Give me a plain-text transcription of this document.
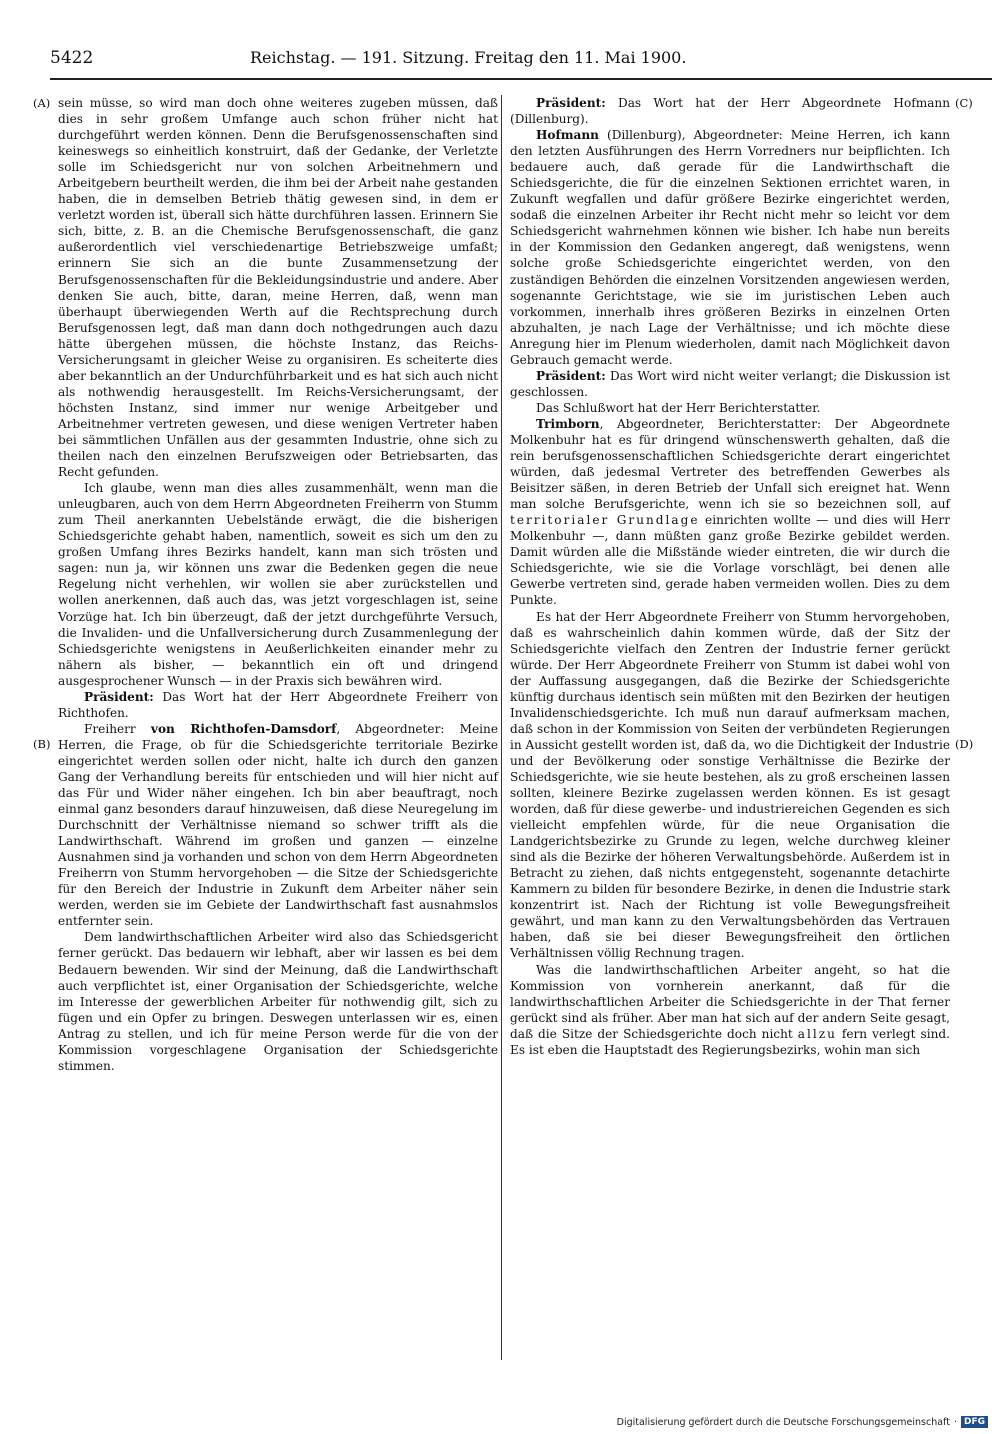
5422	Reichstag. — 191. Sitzung. Freitag den 11. Mai 1900.
(A)
(B)
(C)
(D)

sein müsse, so wird man doch ohne weiteres zugeben müssen, daß dies in sehr großem Umfange auch schon früher nicht hat durchgeführt werden können. Denn die Berufsgenossenschaften sind keineswegs so einheitlich konstruirt, daß der Gedanke, der Verletzte solle im Schiedsgericht nur von solchen Arbeitnehmern und Arbeitgebern beurtheilt werden, die ihm bei der Arbeit nahe gestanden haben, die in demselben Betrieb thätig gewesen sind, in dem er verletzt worden ist, überall sich hätte durchführen lassen. Erinnern Sie sich, bitte, z. B. an die Chemische Berufsgenossenschaft, die ganz außerordentlich viel verschiedenartige Betriebszweige umfaßt; erinnern Sie sich an die bunte Zusammensetzung der Berufsgenossenschaften für die Bekleidungsindustrie und andere. Aber denken Sie auch, bitte, daran, meine Herren, daß, wenn man überhaupt überwiegenden Werth auf die Rechtsprechung durch Berufsgenossen legt, daß man dann doch nothgedrungen auch dazu hätte übergehen müssen, die höchste Instanz, das Reichs-Versicherungsamt in gleicher Weise zu organisiren. Es scheiterte dies aber bekanntlich an der Undurchführbarkeit und es hat sich auch nicht als nothwendig herausgestellt. Im Reichs-Versicherungsamt, der höchsten Instanz, sind immer nur wenige Arbeitgeber und Arbeitnehmer vertreten gewesen, und diese wenigen Vertreter haben bei sämmtlichen Unfällen aus der gesammten Industrie, ohne sich zu theilen nach den einzelnen Berufszweigen oder Betriebsarten, das Recht gefunden.

Ich glaube, wenn man dies alles zusammenhält, wenn man die unleugbaren, auch von dem Herrn Abgeordneten Freiherrn von Stumm zum Theil anerkannten Uebelstände erwägt, die die bisherigen Schiedsgerichte gehabt haben, namentlich, soweit es sich um den zu großen Umfang ihres Bezirks handelt, kann man sich trösten und sagen: nun ja, wir können uns zwar die Bedenken gegen die neue Regelung nicht verhehlen, wir wollen sie aber zurückstellen und wollen anerkennen, daß auch das, was jetzt vorgeschlagen ist, seine Vorzüge hat. Ich bin überzeugt, daß der jetzt durchgeführte Versuch, die Invaliden- und die Unfallversicherung durch Zusammenlegung der Schiedsgerichte wenigstens in Aeußerlichkeiten einander mehr zu nähern als bisher, — bekanntlich ein oft und dringend ausgesprochener Wunsch — in der Praxis sich bewähren wird.

Präsident: Das Wort hat der Herr Abgeordnete Freiherr von Richthofen.

Freiherr von Richthofen-Damsdorf, Abgeordneter: Meine Herren, die Frage, ob für die Schiedsgerichte territoriale Bezirke eingerichtet werden sollen oder nicht, halte ich durch den ganzen Gang der Verhandlung bereits für entschieden und will hier nicht auf das Für und Wider näher eingehen. Ich bin aber beauftragt, noch einmal ganz besonders darauf hinzuweisen, daß diese Neuregelung im Durchschnitt der Verhältnisse niemand so schwer trifft als die Landwirthschaft. Während im großen und ganzen — einzelne Ausnahmen sind ja vorhanden und schon von dem Herrn Abgeordneten Freiherrn von Stumm hervorgehoben — die Sitze der Schiedsgerichte für den Bereich der Industrie in Zukunft dem Arbeiter näher sein werden, werden sie im Gebiete der Landwirthschaft fast ausnahmslos entfernter sein.

Dem landwirthschaftlichen Arbeiter wird also das Schiedsgericht ferner gerückt. Das bedauern wir lebhaft, aber wir lassen es bei dem Bedauern bewenden. Wir sind der Meinung, daß die Landwirthschaft auch verpflichtet ist, einer Organisation der Schiedsgerichte, welche im Interesse der gewerblichen Arbeiter für nothwendig gilt, sich zu fügen und ein Opfer zu bringen. Deswegen unterlassen wir es, einen Antrag zu stellen, und ich für meine Person werde für die von der Kommission vorgeschlagene Organisation der Schiedsgerichte stimmen.

Präsident: Das Wort hat der Herr Abgeordnete Hofmann (Dillenburg).

Hofmann (Dillenburg), Abgeordneter: Meine Herren, ich kann den letzten Ausführungen des Herrn Vorredners nur beipflichten. Ich bedauere auch, daß gerade für die Landwirthschaft die Schiedsgerichte, die für die einzelnen Sektionen errichtet waren, in Zukunft wegfallen und dafür größere Bezirke eingerichtet werden, sodaß die einzelnen Arbeiter ihr Recht nicht mehr so leicht vor dem Schiedsgericht wahrnehmen können wie bisher. Ich habe nun bereits in der Kommission den Gedanken angeregt, daß wenigstens, wenn solche große Schiedsgerichte eingerichtet werden, von den zuständigen Behörden die einzelnen Vorsitzenden angewiesen werden, sogenannte Gerichtstage, wie sie im juristischen Leben auch vorkommen, innerhalb ihres größeren Bezirks in einzelnen Orten abzuhalten, je nach Lage der Verhältnisse; und ich möchte diese Anregung hier im Plenum wiederholen, damit nach Möglichkeit davon Gebrauch gemacht werde.

Präsident: Das Wort wird nicht weiter verlangt; die Diskussion ist geschlossen.

Das Schlußwort hat der Herr Berichterstatter.

Trimborn, Abgeordneter, Berichterstatter: Der Abgeordnete Molkenbuhr hat es für dringend wünschenswerth gehalten, daß die rein berufsgenossenschaftlichen Schiedsgerichte derart eingerichtet würden, daß jedesmal Vertreter des betreffenden Gewerbes als Beisitzer säßen, in deren Betrieb der Unfall sich ereignet hat. Wenn man solche Berufsgerichte, wenn ich sie so bezeichnen soll, auf territorialer Grundlage einrichten wollte — und dies will Herr Molkenbuhr —, dann müßten ganz große Bezirke gebildet werden. Damit würden alle die Mißstände wieder eintreten, die wir durch die Schiedsgerichte, wie sie die Vorlage vorschlägt, bei denen alle Gewerbe vertreten sind, gerade haben vermeiden wollen. Dies zu dem Punkte.

Es hat der Herr Abgeordnete Freiherr von Stumm hervorgehoben, daß es wahrscheinlich dahin kommen würde, daß der Sitz der Schiedsgerichte vielfach den Zentren der Industrie ferner gerückt würde. Der Herr Abgeordnete Freiherr von Stumm ist dabei wohl von der Auffassung ausgegangen, daß die Bezirke der Schiedsgerichte künftig durchaus identisch sein müßten mit den Bezirken der heutigen Invalidenschiedsgerichte. Ich muß nun darauf aufmerksam machen, daß schon in der Kommission von Seiten der verbündeten Regierungen in Aussicht gestellt worden ist, daß da, wo die Dichtigkeit der Industrie und der Bevölkerung oder sonstige Verhältnisse die Bezirke der Schiedsgerichte, wie sie heute bestehen, als zu groß erscheinen lassen sollten, kleinere Bezirke zugelassen werden können. Es ist gesagt worden, daß für diese gewerbe- und industriereichen Gegenden es sich vielleicht empfehlen würde, für die neue Organisation die Landgerichtsbezirke zu Grunde zu legen, welche durchweg kleiner sind als die Bezirke der höheren Verwaltungsbehörde. Außerdem ist in Betracht zu ziehen, daß nichts entgegensteht, sogenannte detachirte Kammern zu bilden für besondere Bezirke, in denen die Industrie stark konzentrirt ist. Nach der Richtung ist volle Bewegungsfreiheit gewährt, und man kann zu den Verwaltungsbehörden das Vertrauen haben, daß sie bei dieser Bewegungsfreiheit den örtlichen Verhältnissen völlig Rechnung tragen.

Was die landwirthschaftlichen Arbeiter angeht, so hat die Kommission von vornherein anerkannt, daß für die landwirthschaftlichen Arbeiter die Schiedsgerichte in der That ferner gerückt sind als früher. Aber man hat sich auf der andern Seite gesagt, daß die Sitze der Schiedsgerichte doch nicht allzu fern verlegt sind. Es ist eben die Hauptstadt des Regierungsbezirks, wohin man sich

Digitalisierung gefördert durch die Deutsche Forschungsgemeinschaft · DFG
